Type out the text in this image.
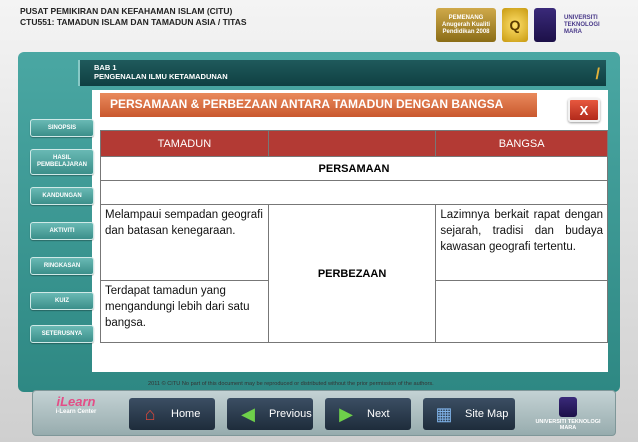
PUSAT PEMIKIRAN DAN KEFAHAMAN ISLAM (CITU)
CTU551: TAMADUN ISLAM DAN TAMADUN ASIA / TITAS	PEMENANG Anugerah Kualiti Pendidikan 2008	Q	UNIVERSITI TEKNOLOGI MARA
BAB 1
PENGENALAN ILMU KETAMADUNAN	/
SINOPSIS
HASIL PEMBELAJARAN
KANDUNGAN
AKTIVITI
RINGKASAN
KUIZ
SETERUSNYA
PERSAMAAN & PERBEZAAN ANTARA TAMADUN DENGAN BANGSA	X
TAMADUN		BANGSA
PERSAMAAN		

Melampaui sempadan geografi dan batasan kenegaraan.	PERBEZAAN	Lazimnya berkait rapat dengan sejarah, tradisi dan budaya kawasan geografi tertentu.
Terdapat tamadun yang mengandungi lebih dari satu bangsa.		
2011 © CITU No part of this document may be reproduced or distributed without the prior permission of the authors.
iLearn
i-Learn Center	⌂	Home	◀	Previous	▶	Next	▦	Site Map
UNIVERSITI TEKNOLOGI MARA
